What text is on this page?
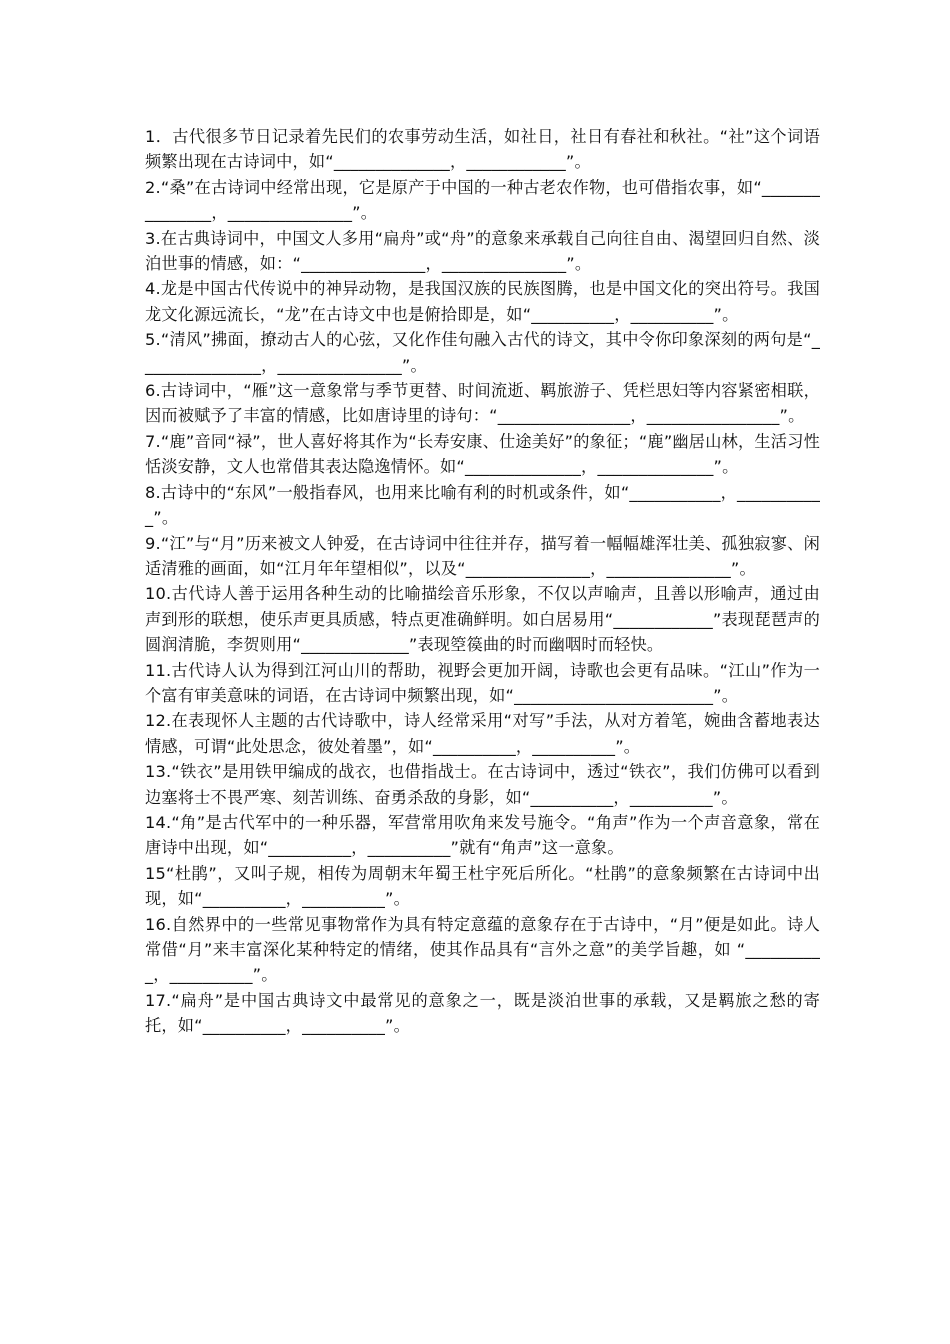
1．古代很多节日记录着先民们的农事劳动生活，如社日，社日有春社和秋社。“社”这个词语频繁出现在古诗词中，如“______________，____________”。

2.“桑”在古诗词中经常出现，它是原产于中国的一种古老农作物，也可借指农事，如“_______________，_______________”。

3.在古典诗词中，中国文人多用“扁舟”或“舟”的意象来承载自己向往自由、渴望回归自然、淡泊世事的情感，如：“_______________，_______________”。

4.龙是中国古代传说中的神异动物，是我国汉族的民族图腾，也是中国文化的突出符号。我国龙文化源远流长，“龙”在古诗文中也是俯拾即是，如“__________，__________”。

5.“清风”拂面，撩动古人的心弦，又化作佳句融入古代的诗文，其中令你印象深刻的两句是“_______________，_______________”。

6.古诗词中，“雁”这一意象常与季节更替、时间流逝、羁旅游子、凭栏思妇等内容紧密相联，因而被赋予了丰富的情感，比如唐诗里的诗句：“________________，________________”。

7.“鹿”音同“禄”，世人喜好将其作为“长寿安康、仕途美好”的象征；“鹿”幽居山林，生活习性恬淡安静，文人也常借其表达隐逸情怀。如“______________，______________”。

8.古诗中的“东风”一般指春风，也用来比喻有利的时机或条件，如“___________，___________”。

9.“江”与“月”历来被文人钟爱，在古诗词中往往并存，描写着一幅幅雄浑壮美、孤独寂寥、闲适清雅的画面，如“江月年年望相似”，以及“_______________，_______________”。

10.古代诗人善于运用各种生动的比喻描绘音乐形象，不仅以声喻声，且善以形喻声，通过由声到形的联想，使乐声更具质感，特点更准确鲜明。如白居易用“____________”表现琵琶声的圆润清脆，李贺则用“_____________”表现箜篌曲的时而幽咽时而轻快。

11.古代诗人认为得到江河山川的帮助，视野会更加开阔，诗歌也会更有品味。“江山”作为一个富有审美意味的词语，在古诗词中频繁出现，如“________________________”。

12.在表现怀人主题的古代诗歌中，诗人经常采用“对写”手法，从对方着笔，婉曲含蓄地表达情感，可谓“此处思念，彼处着墨”，如“__________，__________”。

13.“铁衣”是用铁甲编成的战衣，也借指战士。在古诗词中，透过“铁衣”，我们仿佛可以看到边塞将士不畏严寒、刻苦训练、奋勇杀敌的身影，如“__________，__________”。

14.“角”是古代军中的一种乐器，军营常用吹角来发号施令。“角声”作为一个声音意象，常在唐诗中出现，如“__________，__________”就有“角声”这一意象。

15“杜鹃”，又叫子规，相传为周朝末年蜀王杜宇死后所化。“杜鹃”的意象频繁在古诗词中出现，如“__________，__________”。

16.自然界中的一些常见事物常作为具有特定意蕴的意象存在于古诗中，“月”便是如此。诗人常借“月”来丰富深化某种特定的情绪，使其作品具有“言外之意”的美学旨趣，如 “__________，__________”。

17.“扁舟”是中国古典诗文中最常见的意象之一，既是淡泊世事的承载，又是羁旅之愁的寄托，如“__________，__________”。
